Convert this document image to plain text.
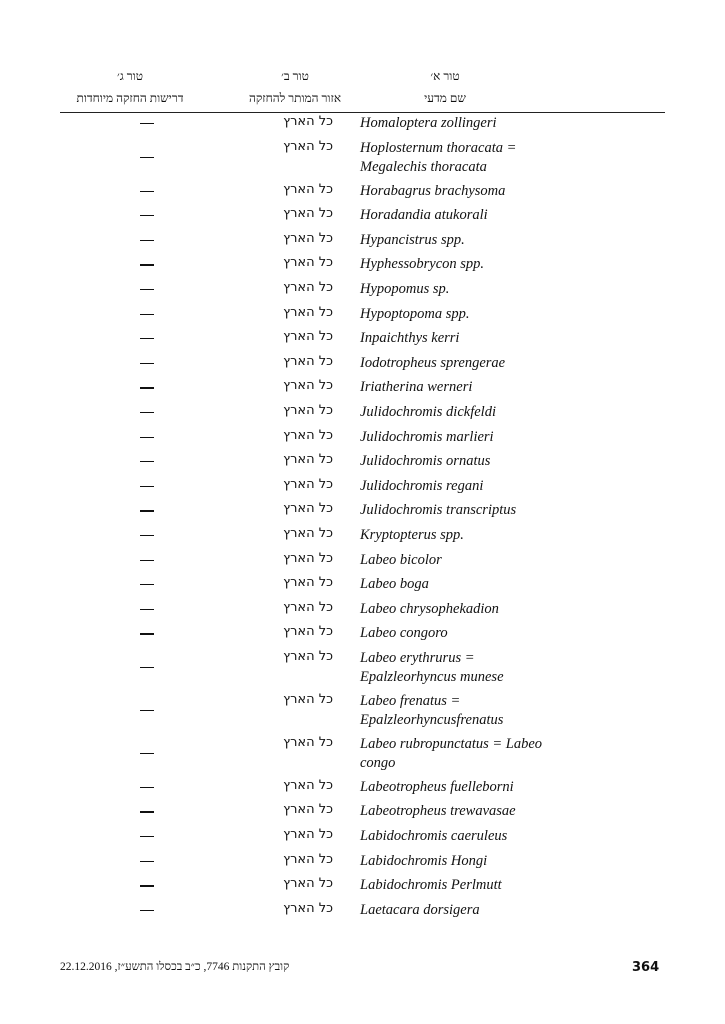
טור ג׳
דרישות החזקה מיוחדות
טור ב׳
אזור המותר להחזקה
טור א׳
שם מדעי
כל הארץ Homaloptera zollingeri
כל הארץ Hoplosternum thoracata = Megalechis thoracata
כל הארץ Horabagrus brachysoma
כל הארץ Horadandia atukorali
כל הארץ Hypancistrus spp.
כל הארץ Hyphessobrycon spp.
כל הארץ Hypopomus sp.
כל הארץ Hypoptopoma spp.
כל הארץ Inpaichthys kerri
כל הארץ Iodotropheus sprengerae
כל הארץ Iriatherina werneri
כל הארץ Julidochromis dickfeldi
כל הארץ Julidochromis marlieri
כל הארץ Julidochromis ornatus
כל הארץ Julidochromis regani
כל הארץ Julidochromis transcriptus
כל הארץ Kryptopterus spp.
כל הארץ Labeo bicolor
כל הארץ Labeo boga
כל הארץ Labeo chrysophekadion
כל הארץ Labeo congoro
כל הארץ Labeo erythrurus = Epalzleorhyncus munese
כל הארץ Labeo frenatus = Epalzleorhyncusfrenatus
כל הארץ Labeo rubropunctatus = Labeo congo
כל הארץ Labeotropheus fuelleborni
כל הארץ Labeotropheus trewavasae
כל הארץ Labidochromis caeruleus
כל הארץ Labidochromis Hongi
כל הארץ Labidochromis Perlmutt
כל הארץ Laetacara dorsigera
קובץ התקנות 7746, כ״ב בכסלו התשע״ז, 22.12.2016	364
